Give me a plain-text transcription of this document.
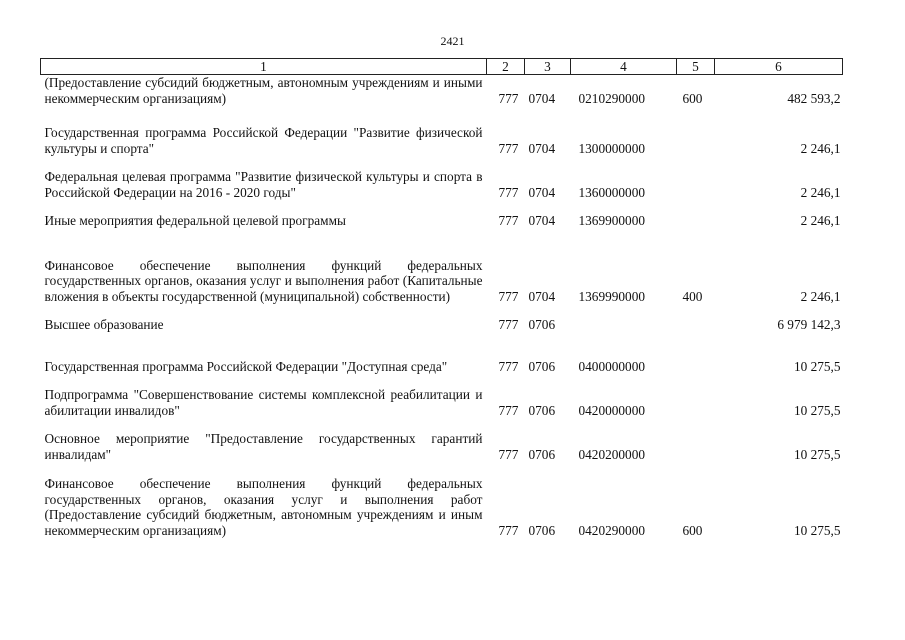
2421
1	2	3	4	5	6
(Предоставление субсидий бюджетным, автономным учреждениям и иными некоммерческим организациям)	777	0704	0210290000	600	482 593,2
Государственная программа Российской Федерации "Развитие физической культуры и спорта"	777	0704	1300000000		2 246,1
Федеральная целевая программа "Развитие физической культуры и спорта в Российской Федерации на 2016 - 2020 годы"	777	0704	1360000000		2 246,1
Иные мероприятия федеральной целевой программы	777	0704	1369900000		2 246,1
Финансовое обеспечение выполнения функций федеральных государственных органов, оказания услуг и выполнения работ (Капитальные вложения в объекты государственной (муниципальной) собственности)	777	0704	1369990000	400	2 246,1
Высшее образование	777	0706			6 979 142,3
Государственная программа Российской Федерации "Доступная среда"	777	0706	0400000000		10 275,5
Подпрограмма "Совершенствование системы комплексной реабилитации и абилитации инвалидов"	777	0706	0420000000		10 275,5
Основное мероприятие "Предоставление государственных гарантий инвалидам"	777	0706	0420200000		10 275,5
Финансовое обеспечение выполнения функций федеральных государственных органов, оказания услуг и выполнения работ (Предоставление субсидий бюджетным, автономным учреждениям и иным некоммерческим организациям)	777	0706	0420290000	600	10 275,5
